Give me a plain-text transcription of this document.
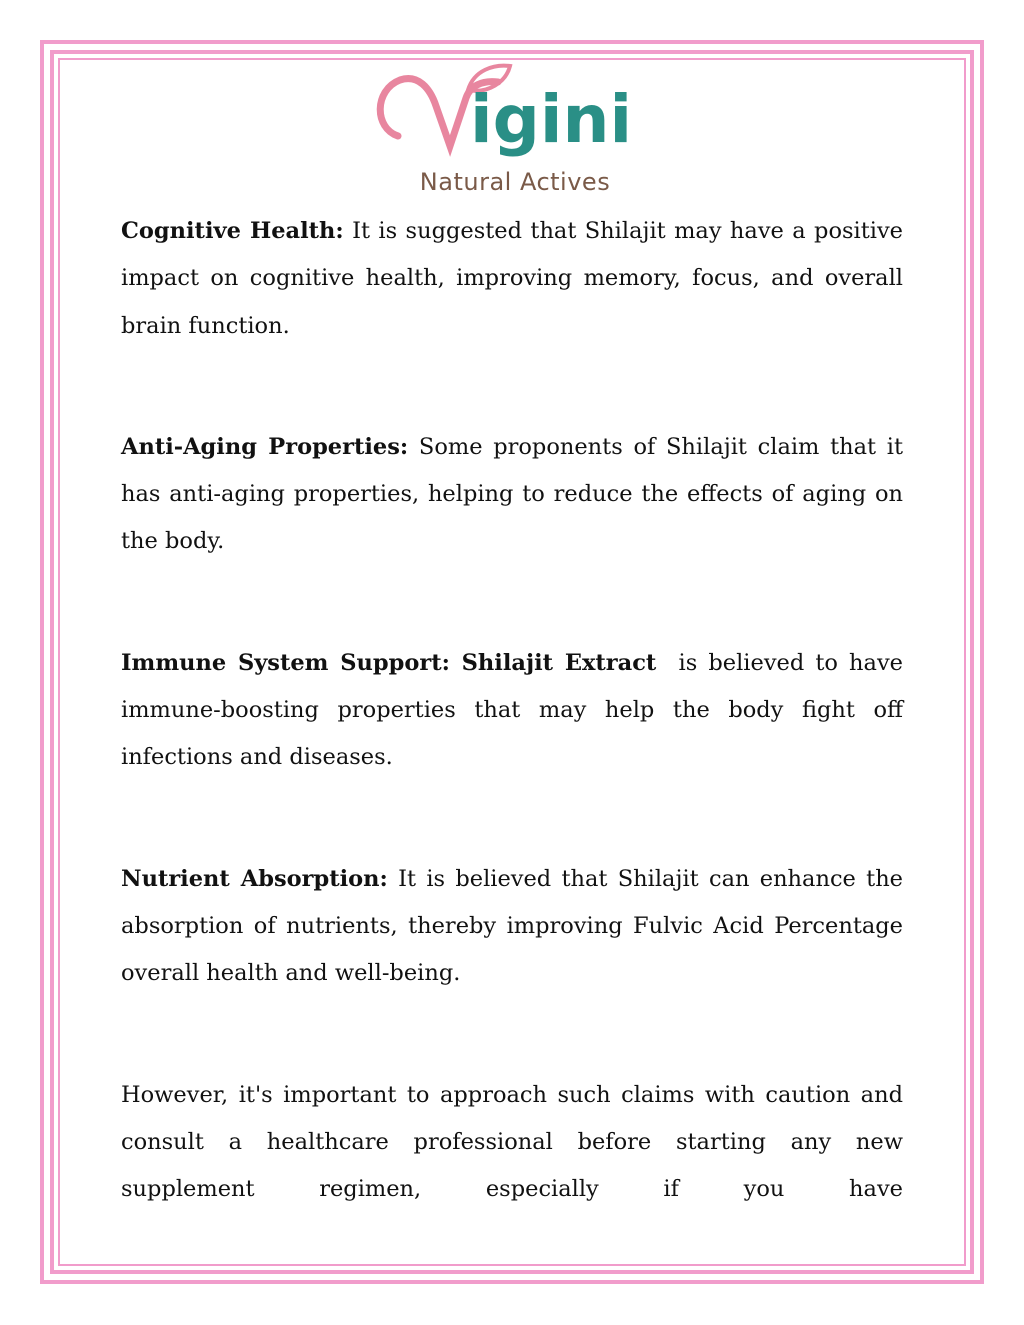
igini
Natural Actives

Cognitive Health: It is suggested that Shilajit may have a positive impact on cognitive health, improving memory, focus, and overall brain function.

Anti-Aging Properties: Some proponents of Shilajit claim that it has anti-aging properties, helping to reduce the effects of aging on the body.

Immune System Support: Shilajit Extract  is believed to have immune-boosting properties that may help the body fight off infections and diseases.

Nutrient Absorption: It is believed that Shilajit can enhance the absorption of nutrients, thereby improving Fulvic Acid Percentage overall health and well-being.

However, it's important to approach such claims with caution and consult a healthcare professional before starting any new supplement regimen, especially if you have
